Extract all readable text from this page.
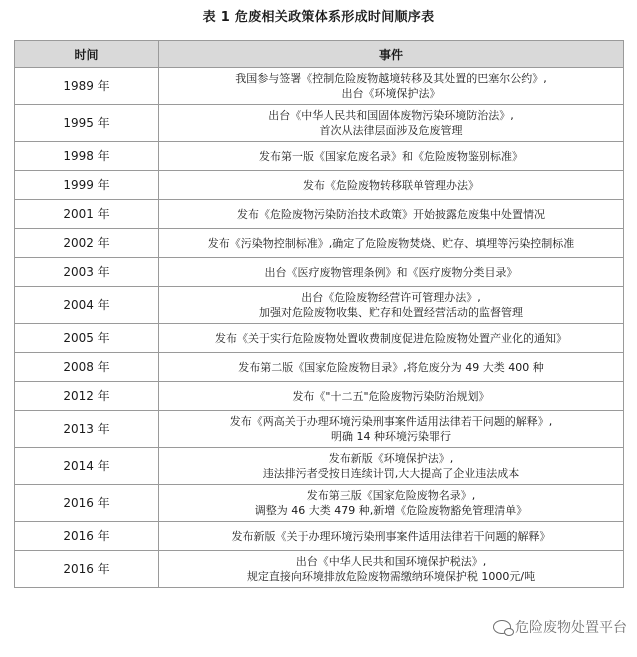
表 1 危废相关政策体系形成时间顺序表
时间	事件
1989 年	我国参与签署《控制危险废物越境转移及其处置的巴塞尔公约》,
出台《环境保护法》

1995 年	出台《中华人民共和国固体废物污染环境防治法》,
首次从法律层面涉及危废管理

1998 年	发布第一版《国家危废名录》和《危险废物鉴别标准》

1999 年	发布《危险废物转移联单管理办法》

2001 年	发布《危险废物污染防治技术政策》开始披露危废集中处置情况

2002 年	发布《污染物控制标准》,确定了危险废物焚烧、贮存、填埋等污染控制标准

2003 年	出台《医疗废物管理条例》和《医疗废物分类目录》

2004 年	出台《危险废物经营许可管理办法》,
加强对危险废物收集、贮存和处置经营活动的监督管理

2005 年	发布《关于实行危险废物处置收费制度促进危险废物处置产业化的通知》

2008 年	发布第二版《国家危险废物目录》,将危废分为 49 大类 400 种

2012 年	发布《"十二五"危险废物污染防治规划》

2013 年	发布《两高关于办理环境污染刑事案件适用法律若干问题的解释》,
明确 14 种环境污染罪行

2014 年	发布新版《环境保护法》,
违法排污者受按日连续计罚,大大提高了企业违法成本

2016 年	发布第三版《国家危险废物名录》,
调整为 46 大类 479 种,新增《危险废物豁免管理清单》

2016 年	发布新版《关于办理环境污染刑事案件适用法律若干问题的解释》

2016 年	出台《中华人民共和国环境保护税法》,
规定直接向环境排放危险废物需缴纳环境保护税 1000元/吨
危险废物处置平台
